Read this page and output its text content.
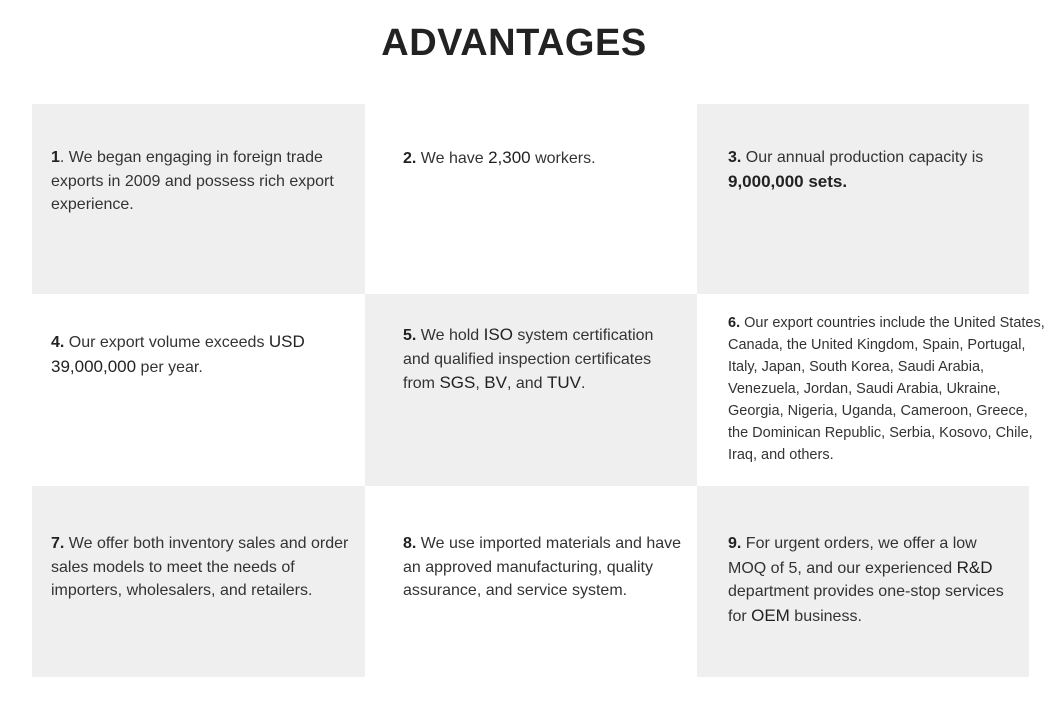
ADVANTAGES
1. We began engaging in foreign trade exports in 2009 and possess rich export experience.
2. We have 2,300 workers.	3. Our annual production capacity is 9,000,000 sets.
4. Our export volume exceeds USD 39,000,000 per year.
5. We hold ISO system certification and qualified inspection certificates from SGS, BV, and TUV.
6. Our export countries include the United States, Canada, the United Kingdom, Spain, Portugal, Italy, Japan, South Korea, Saudi Arabia, Venezuela, Jordan, Saudi Arabia, Ukraine, Georgia, Nigeria, Uganda, Cameroon, Greece, the Dominican Republic, Serbia, Kosovo, Chile, Iraq, and others.
7. We offer both inventory sales and order sales models to meet the needs of importers, wholesalers, and retailers.
8. We use imported materials and have an approved manufacturing, quality assurance, and service system.
9. For urgent orders, we offer a low MOQ of 5, and our experienced R&D department provides one-stop services for OEM business.
